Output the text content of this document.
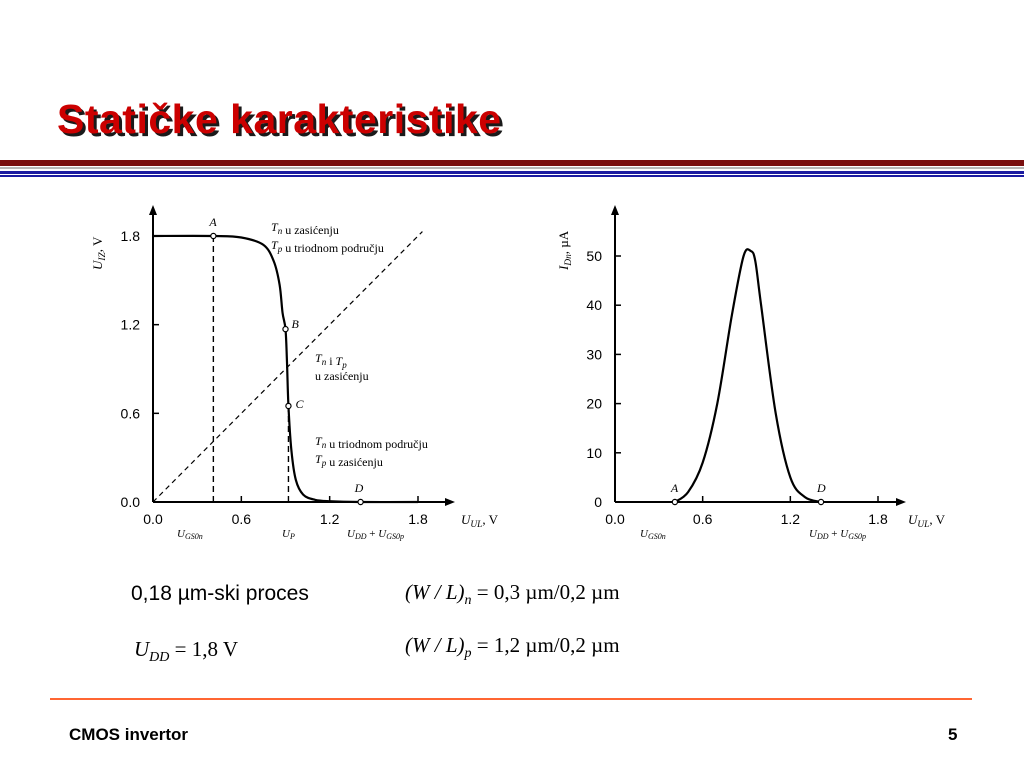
Statičke karakteristike
0.0
0.6
1.2
1.8
0.0	0.6	1.2	1.8	$U_{UL}$, V
$U_{IZ}$, V
A
B
C
D
$T_n$ u zasićenju
$T_p$ u triodnom području
$T_n$ i $T_p$
u zasićenju
$T_n$ u triodnom području
$T_p$ u zasićenju
UGS0n	UP	UDD + UGS0p
0
10
20
30
40
50
0.0	0.6	1.2	1.8 $U_{UL}$, V
$I_{Dn}$, µA
A	D
UGS0n	UDD + UGS0p
0,18 µm-ski proces
$U_{DD} = 1,8$ V
$(W / L)_n = 0,3$ µm/0,2 µm
$(W / L)_p = 1,2$ µm/0,2 µm
CMOS invertor	5
